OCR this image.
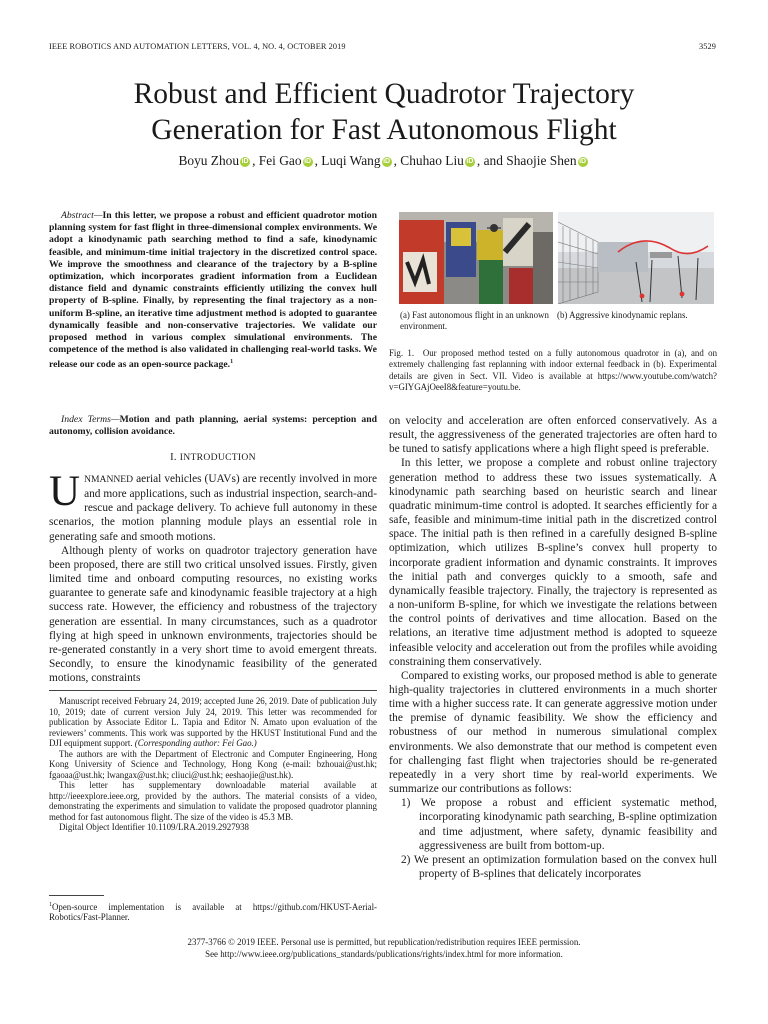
IEEE ROBOTICS AND AUTOMATION LETTERS, VOL. 4, NO. 4, OCTOBER 2019	3529
Robust and Efficient Quadrotor Trajectory
Generation for Fast Autonomous Flight
Boyu Zhou iD , Fei Gao iD , Luqi Wang iD , Chuhao Liu iD , and Shaojie Shen iD

Abstract—In this letter, we propose a robust and efficient quadrotor motion planning system for fast flight in three-dimensional complex environments. We adopt a kinodynamic path searching method to find a safe, kinodynamic feasible, and minimum-time initial trajectory in the discretized control space. We improve the smoothness and clearance of the trajectory by a B-spline optimization, which incorporates gradient information from a Euclidean distance field and dynamic constraints efficiently utilizing the convex hull property of B-spline. Finally, by representing the final trajectory as a non-uniform B-spline, an iterative time adjustment method is adopted to guarantee dynamically feasible and non-conservative trajectories. We validate our proposed method in various complex simulational environments. The competence of the method is also validated in challenging real-world tasks. We release our code as an open-source package.$^1$

Index Terms—Motion and path planning, aerial systems: perception and autonomy, collision avoidance.

I. INTRODUCTION

UNMANNED aerial vehicles (UAVs) are recently involved in more and more applications, such as industrial inspection, search-and-rescue and package delivery. To achieve full autonomy in these scenarios, the motion planning module plays an essential role in generating safe and smooth motions.

Although plenty of works on quadrotor trajectory generation have been proposed, there are still two critical unsolved issues. Firstly, given limited time and onboard computing resources, no existing works guarantee to generate safe and kinodynamic feasible trajectory at a high success rate. However, the efficiency and robustness of the trajectory generation are essential. In many circumstances, such as a quadrotor flying at high speed in unknown environments, trajectories should be re-generated constantly in a very short time to avoid emergent threats. Secondly, to ensure the kinodynamic feasibility of the generated motions, constraints

Manuscript received February 24, 2019; accepted June 26, 2019. Date of publication July 10, 2019; date of current version July 24, 2019. This letter was recommended for publication by Associate Editor L. Tapia and Editor N. Amato upon evaluation of the reviewers’ comments. This work was supported by the HKUST Institutional Fund and the DJI equipment support. (Corresponding author: Fei Gao.)

The authors are with the Department of Electronic and Computer Engineering, Hong Kong University of Science and Technology, Hong Kong (e-mail: bzhouai@ust.hk; fgaoaa@ust.hk; lwangax@ust.hk; cliuci@ust.hk; eeshaojie@ust.hk).

This letter has supplementary downloadable material available at http://ieeexplore.ieee.org, provided by the authors. The material consists of a video, demonstrating the experiments and simulation to validate the proposed quadrotor planning method for fast autonomous flight. The size of the video is 45.3 MB.

Digital Object Identifier 10.1109/LRA.2019.2927938

$^1$Open-source implementation is available at https://github.com/HKUST-Aerial-Robotics/Fast-Planner.

(a) Fast autonomous flight in an unknown environment.
(b) Aggressive kinodynamic replans.
Fig. 1. Our proposed method tested on a fully autonomous quadrotor in (a), and on extremely challenging fast replanning with indoor external feedback in (b). Experimental details are given in Sect. VII. Video is available at https://www.youtube.com/watch?v=GIYGAjOeeI8&feature=youtu.be.

on velocity and acceleration are often enforced conservatively. As a result, the aggressiveness of the generated trajectories are often hard to be tuned to satisfy applications where a high flight speed is preferable.

In this letter, we propose a complete and robust online trajectory generation method to address these two issues systematically. A kinodynamic path searching based on heuristic search and linear quadratic minimum-time control is adopted. It searches efficiently for a safe, feasible and minimum-time initial path in the discretized control space. The initial path is then refined in a carefully designed B-spline optimization, which utilizes B-spline’s convex hull property to incorporate gradient information and dynamic constraints. It improves the initial path and converges quickly to a smooth, safe and dynamically feasible trajectory. Finally, the trajectory is represented as a non-uniform B-spline, for which we investigate the relations between the control points of derivatives and time allocation. Based on the relations, an iterative time adjustment method is adopted to squeeze infeasible velocity and acceleration out from the profiles while avoiding constraining them conservatively.

Compared to existing works, our proposed method is able to generate high-quality trajectories in cluttered environments in a much shorter time with a higher success rate. It can generate aggressive motion under the premise of dynamic feasibility. We show the efficiency and robustness of our method in numerous simulational complex environments. We also demonstrate that our method is competent even for challenging fast flight when trajectories should be re-generated repeatedly in a very short time by real-world experiments. We summarize our contributions as follows:

1) We propose a robust and efficient systematic method, incorporating kinodynamic path searching, B-spline optimization and time adjustment, where safety, dynamic feasibility and aggressiveness are built from bottom-up.

2) We present an optimization formulation based on the convex hull property of B-splines that delicately incorporates

2377-3766 © 2019 IEEE. Personal use is permitted, but republication/redistribution requires IEEE permission.
See http://www.ieee.org/publications_standards/publications/rights/index.html for more information.
